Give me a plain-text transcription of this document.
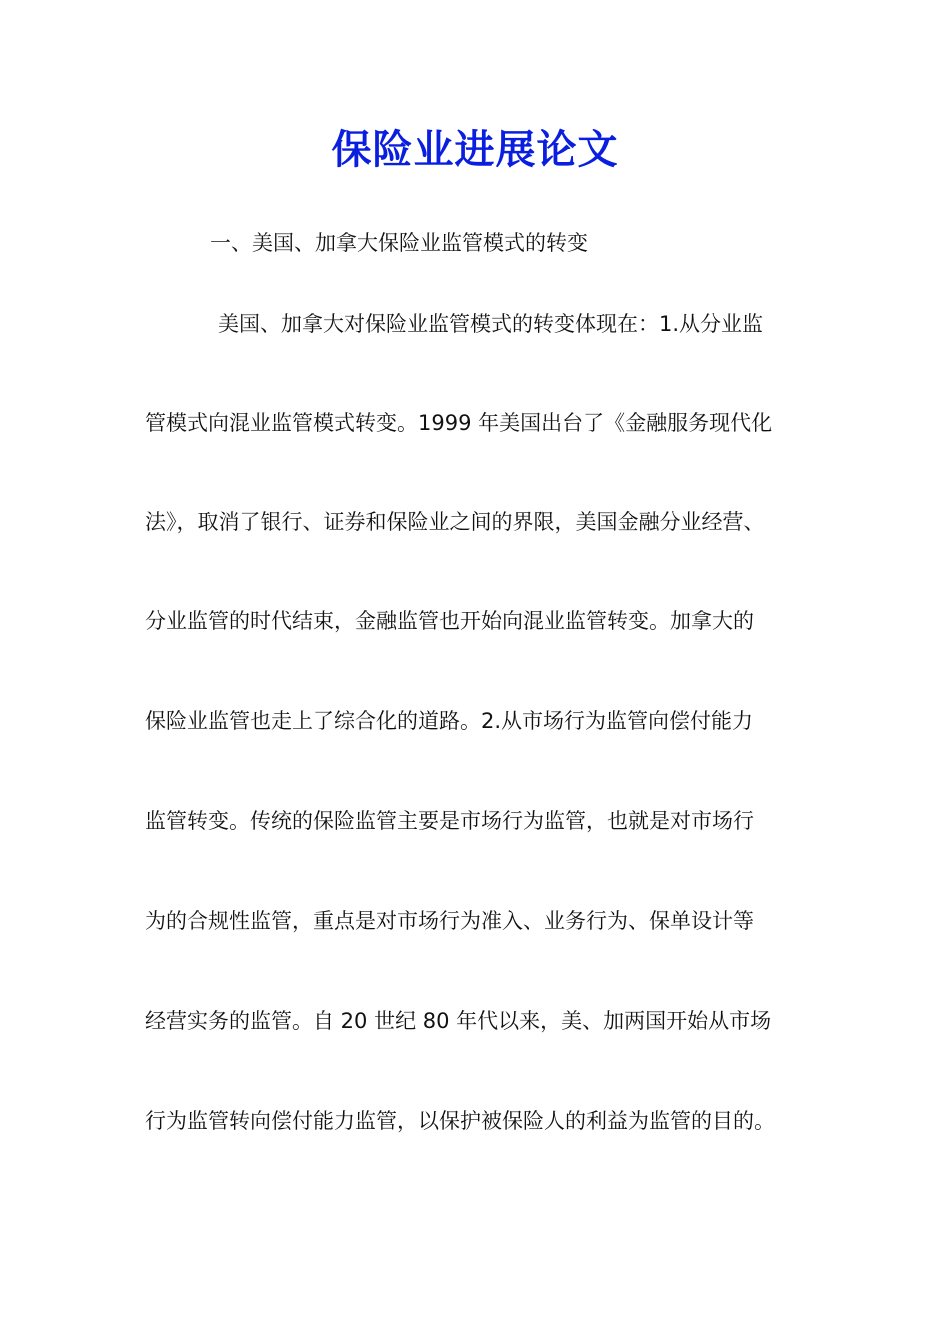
保险业进展论文
一、美国、加拿大保险业监管模式的转变
美国、加拿大对保险业监管模式的转变体现在：1.从分业监
管模式向混业监管模式转变。1999 年美国出台了《金融服务现代化
法》，取消了银行、证券和保险业之间的界限，美国金融分业经营、
分业监管的时代结束，金融监管也开始向混业监管转变。加拿大的
保险业监管也走上了综合化的道路。2.从市场行为监管向偿付能力
监管转变。传统的保险监管主要是市场行为监管，也就是对市场行
为的合规性监管，重点是对市场行为准入、业务行为、保单设计等
经营实务的监管。自 20 世纪 80 年代以来，美、加两国开始从市场
行为监管转向偿付能力监管，以保护被保险人的利益为监管的目的。
